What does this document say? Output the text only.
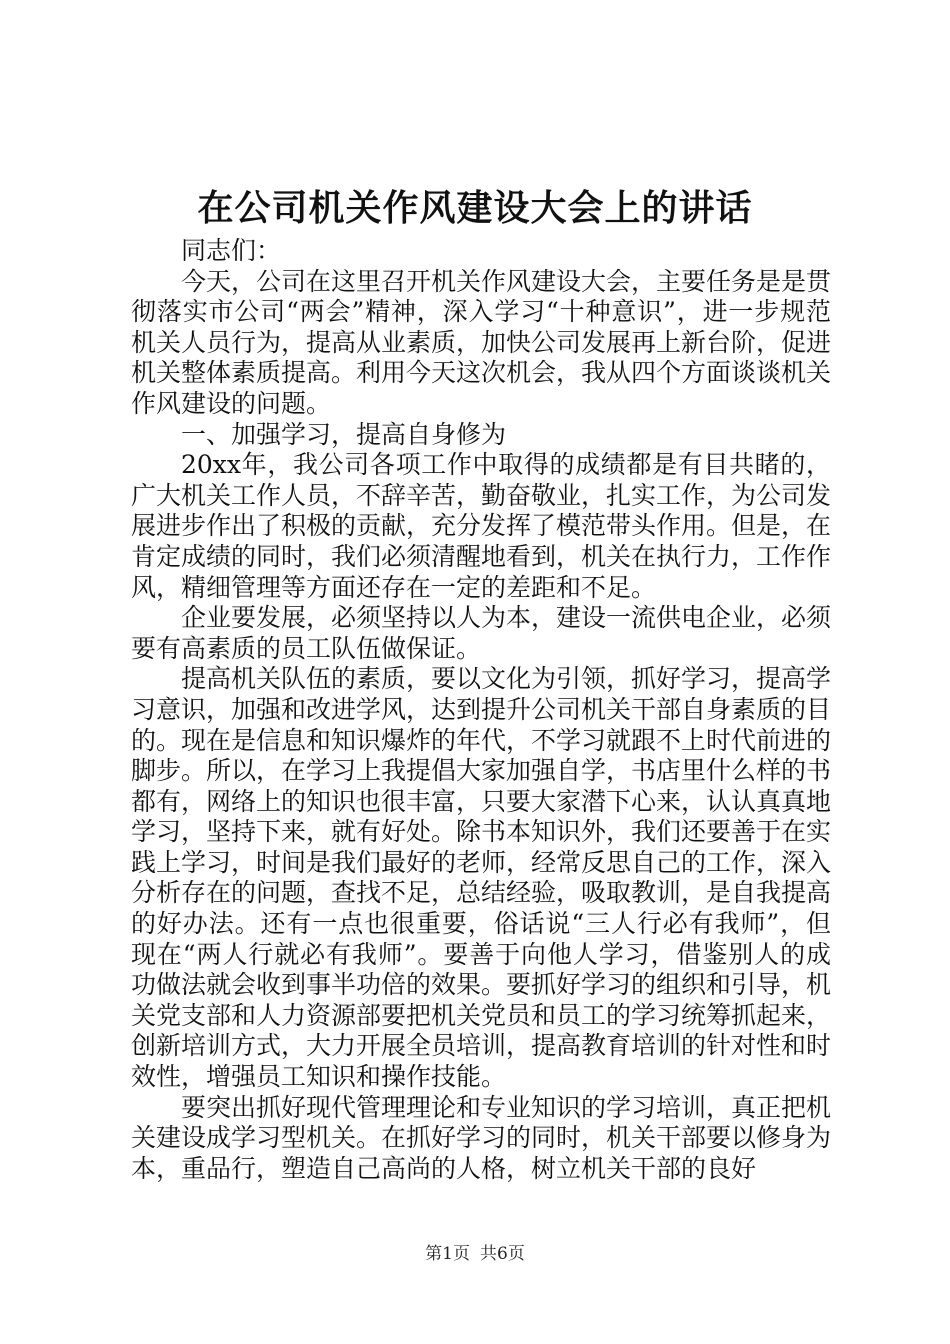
在公司机关作风建设大会上的讲话

同志们：

今天，公司在这里召开机关作风建设大会，主要任务是是贯彻落实市公司“两会”精神，深入学习“十种意识”，进一步规范机关人员行为，提高从业素质，加快公司发展再上新台阶，促进机关整体素质提高。利用今天这次机会，我从四个方面谈谈机关作风建设的问题。

一、加强学习，提高自身修为

20xx年，我公司各项工作中取得的成绩都是有目共睹的，广大机关工作人员，不辞辛苦，勤奋敬业，扎实工作，为公司发展进步作出了积极的贡献，充分发挥了模范带头作用。但是，在肯定成绩的同时，我们必须清醒地看到，机关在执行力，工作作风，精细管理等方面还存在一定的差距和不足。

企业要发展，必须坚持以人为本，建设一流供电企业，必须要有高素质的员工队伍做保证。

提高机关队伍的素质，要以文化为引领，抓好学习，提高学习意识，加强和改进学风，达到提升公司机关干部自身素质的目的。现在是信息和知识爆炸的年代，不学习就跟不上时代前进的脚步。所以，在学习上我提倡大家加强自学，书店里什么样的书都有，网络上的知识也很丰富，只要大家潜下心来，认认真真地学习，坚持下来，就有好处。除书本知识外，我们还要善于在实践上学习，时间是我们最好的老师，经常反思自己的工作，深入分析存在的问题，查找不足，总结经验，吸取教训，是自我提高的好办法。还有一点也很重要，俗话说“三人行必有我师”，但现在“两人行就必有我师”。要善于向他人学习，借鉴别人的成功做法就会收到事半功倍的效果。要抓好学习的组织和引导，机关党支部和人力资源部要把机关党员和员工的学习统筹抓起来，创新培训方式，大力开展全员培训，提高教育培训的针对性和时效性，增强员工知识和操作技能。

要突出抓好现代管理理论和专业知识的学习培训，真正把机关建设成学习型机关。在抓好学习的同时，机关干部要以修身为本，重品行，塑造自己高尚的人格，树立机关干部的良好

第1页 共6页
